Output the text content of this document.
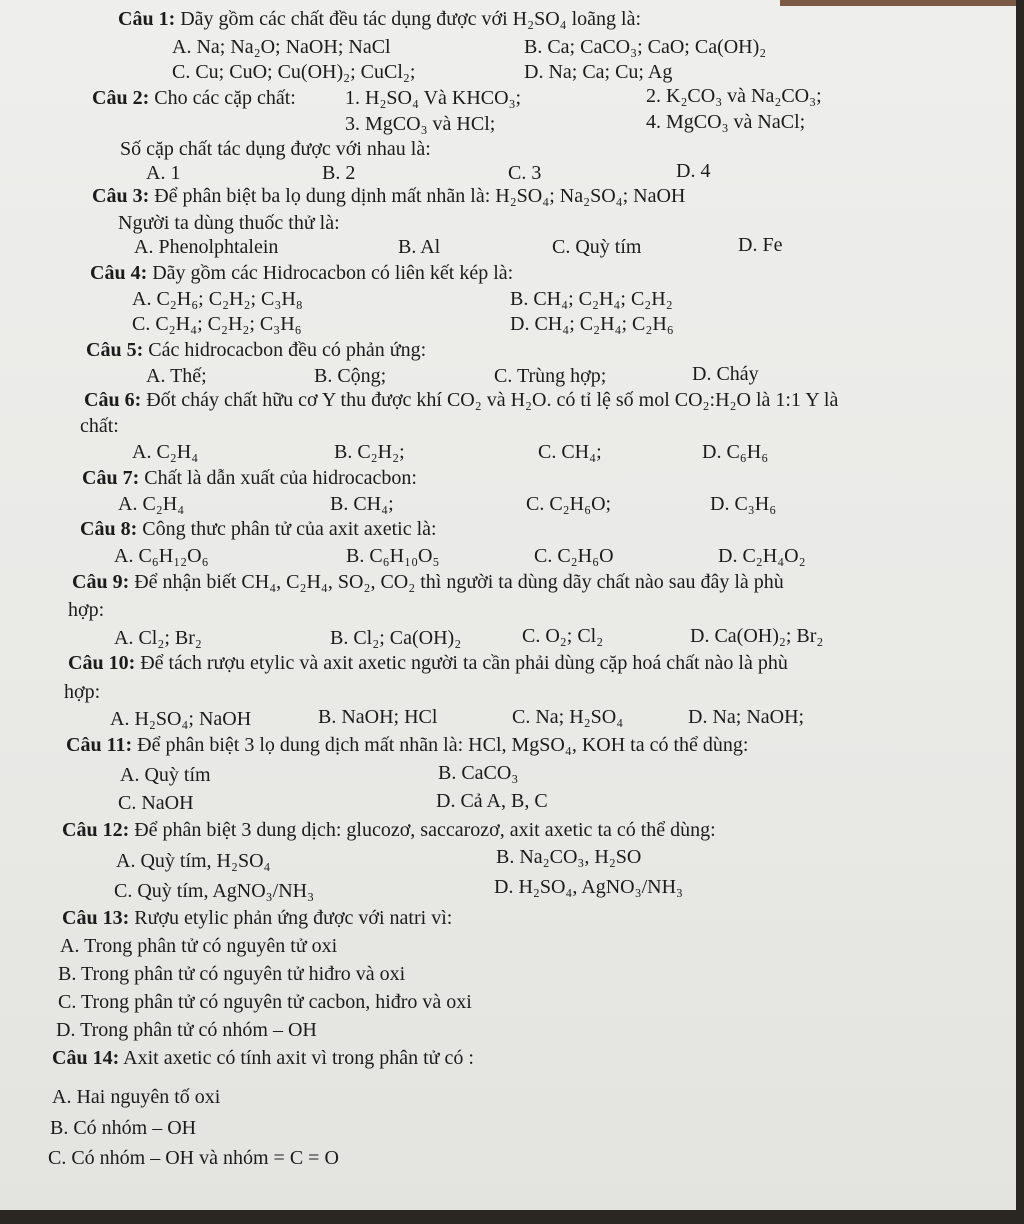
Câu 1: Dãy gồm các chất đều tác dụng được với H₂SO₄ loãng là:
A. Na; Na₂O; NaOH; NaCl	B. Ca; CaCO₃; CaO; Ca(OH)₂
C. Cu; CuO; Cu(OH)₂; CuCl₂;	D. Na; Ca; Cu; Ag
Câu 2: Cho các cặp chất: 1. H₂SO₄ Và KHCO₃;	2. K₂CO₃ và Na₂CO₃;
3. MgCO₃ và HCl;	4. MgCO₃ và NaCl;
Số cặp chất tác dụng được với nhau là:
A. 1	B. 2	C. 3	D. 4
Câu 3: Để phân biệt ba lọ dung dịnh mất nhãn là: H₂SO₄; Na₂SO₄; NaOH
Người ta dùng thuốc thử là:
A. Phenolphtalein	B. Al	C. Quỳ tím	D. Fe
Câu 4: Dãy gồm các Hidrocacbon có liên kết kép là:
A. C₂H₆; C₂H₂; C₃H₈	B. CH₄; C₂H₄; C₂H₂
C. C₂H₄; C₂H₂; C₃H₆	D. CH₄; C₂H₄; C₂H₆
Câu 5: Các hidrocacbon đều có phản ứng:
A. Thế;	B. Cộng;	C. Trùng hợp;	D. Cháy
Câu 6: Đốt cháy chất hữu cơ Y thu được khí CO₂ và H₂O. có tỉ lệ số mol CO₂:H₂O là 1:1 Y là
chất:
A. C₂H₄	B. C₂H₂;	C. CH₄;	D. C₆H₆
Câu 7: Chất là dẫn xuất của hidrocacbon:
A. C₂H₄	B. CH₄;	C. C₂H₆O;	D. C₃H₆
Câu 8: Công thưc phân tử của axit axetic là:
A. C₆H₁₂O₆	B. C₆H₁₀O₅	C. C₂H₆O	D. C₂H₄O₂
Câu 9: Để nhận biết CH₄, C₂H₄, SO₂, CO₂ thì người ta dùng dãy chất nào sau đây là phù
hợp:
A. Cl₂; Br₂	B. Cl₂; Ca(OH)₂	C. O₂; Cl₂	D. Ca(OH)₂; Br₂
Câu 10: Để tách rượu etylic và axit axetic người ta cần phải dùng cặp hoá chất nào là phù
hợp:
A. H₂SO₄; NaOH	B. NaOH; HCl	C. Na; H₂SO₄	D. Na; NaOH;
Câu 11: Để phân biệt 3 lọ dung dịch mất nhãn là: HCl, MgSO₄, KOH ta có thể dùng:
A. Quỳ tím	B. CaCO₃
C. NaOH	D. Cả A, B, C
Câu 12: Để phân biệt 3 dung dịch: glucozơ, saccarozơ, axit axetic ta có thể dùng:
A. Quỳ tím, H₂SO₄	B. Na₂CO₃, H₂SO
C. Quỳ tím, AgNO₃/NH₃	D. H₂SO₄, AgNO₃/NH₃
Câu 13: Rượu etylic phản ứng được với natri vì:
A. Trong phân tử có nguyên tử oxi
B. Trong phân tử có nguyên tử hiđro và oxi
C. Trong phân tử có nguyên tử cacbon, hiđro và oxi
D. Trong phân tử có nhóm – OH
Câu 14: Axit axetic có tính axit vì trong phân tử có :
A. Hai nguyên tố oxi
B. Có nhóm – OH
C. Có nhóm – OH và nhóm = C = O
